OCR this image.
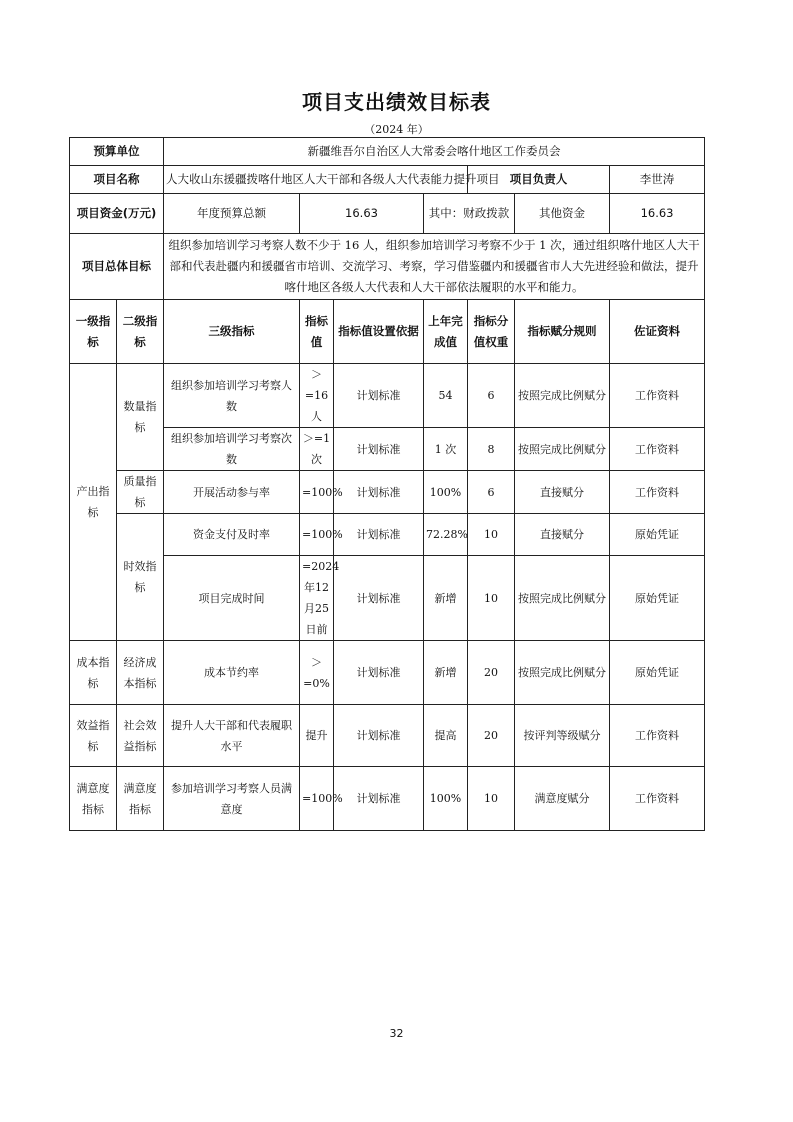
项目支出绩效目标表
（2024 年）
预算单位		新疆维吾尔自治区人大常委会喀什地区工作委员会						
项目名称		人大收山东援疆拨喀什地区人大干部和各级人大代表能力提升项目				项目负责人		李世涛
项目资金(万元)		年度预算总额	16.63		其中：财政拨款		其他资金	16.63
项目总体目标		组织参加培训学习考察人数不少于 16 人，组织参加培训学习考察不少于 1 次，通过组织喀什地区人大干部和代表赴疆内和援疆省市培训、交流学习、考察，学习借鉴疆内和援疆省市人大先进经验和做法，提升喀什地区各级人大代表和人大干部依法履职的水平和能力。						
一级指标	二级指标	三级指标	指标值	指标值设置依据	上年完成值	指标分值权重	指标赋分规则	佐证资料
产出指标	数量指标	组织参加培训学习考察人数	＞=16人	计划标准	54	6	按照完成比例赋分	工作资料
		组织参加培训学习考察次数	＞=1次	计划标准	1 次	8	按照完成比例赋分	工作资料
	质量指标	开展活动参与率	=100%	计划标准	100%	6	直接赋分	工作资料
	时效指标	资金支付及时率	=100%	计划标准	72.28%	10	直接赋分	原始凭证
		项目完成时间	=2024年12月25日前	计划标准	新增	10	按照完成比例赋分	原始凭证
成本指标	经济成本指标	成本节约率	＞=0%	计划标准	新增	20	按照完成比例赋分	原始凭证
效益指标	社会效益指标	提升人大干部和代表履职水平	提升	计划标准	提高	20	按评判等级赋分	工作资料
满意度指标	满意度指标	参加培训学习考察人员满意度	=100%	计划标准	100%	10	满意度赋分	工作资料
32
